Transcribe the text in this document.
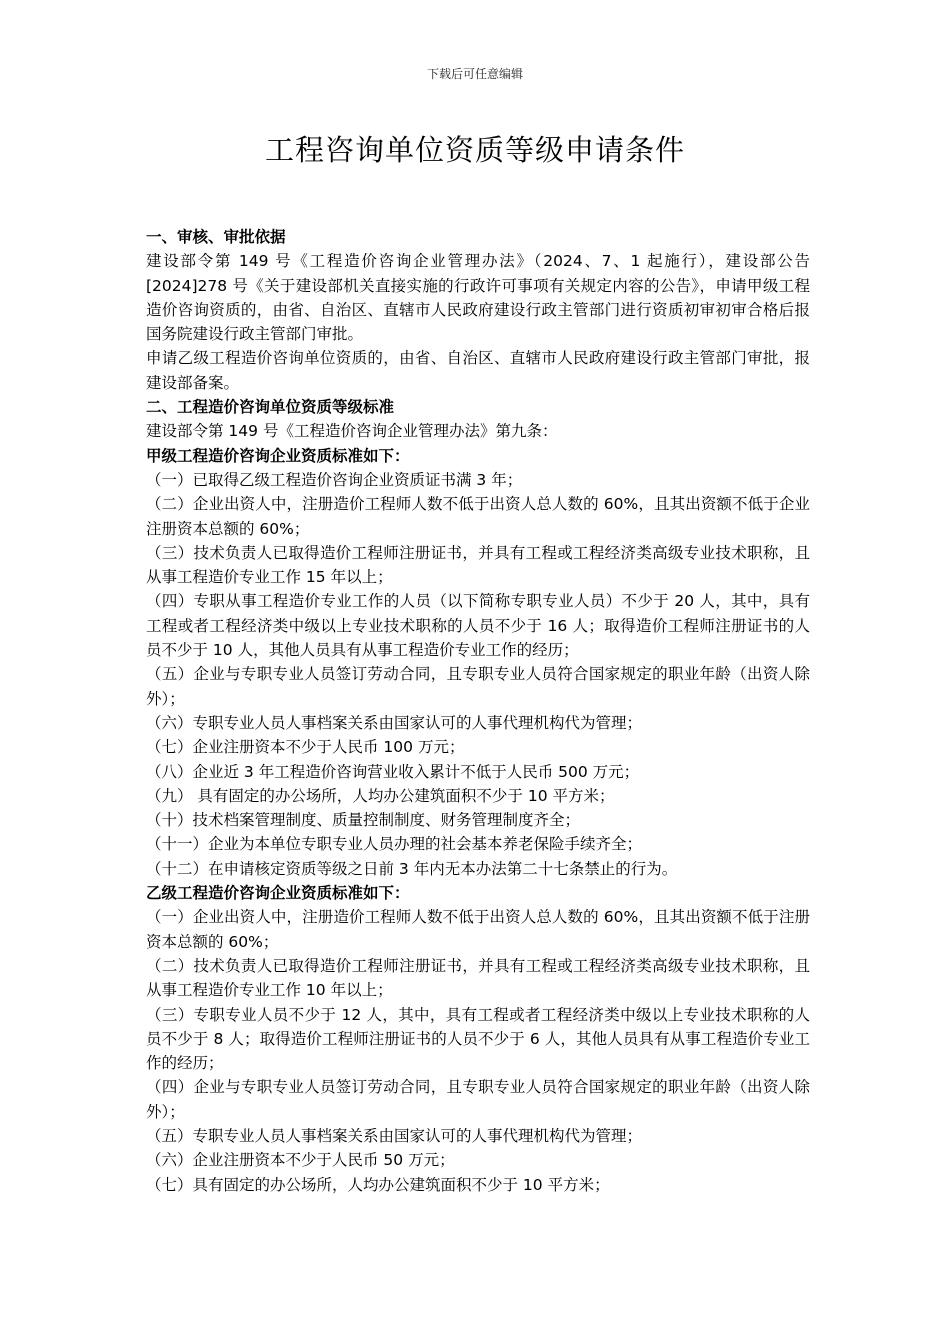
下载后可任意编辑
工程咨询单位资质等级申请条件

一、审核、审批依据

建设部令第 149 号《工程造价咨询企业管理办法》（2024、7、1 起施行），建设部公告[2024]278 号《关于建设部机关直接实施的行政许可事项有关规定内容的公告》，申请甲级工程造价咨询资质的，由省、自治区、直辖市人民政府建设行政主管部门进行资质初审初审合格后报国务院建设行政主管部门审批。

申请乙级工程造价咨询单位资质的，由省、自治区、直辖市人民政府建设行政主管部门审批，报建设部备案。

二、工程造价咨询单位资质等级标准

建设部令第 149 号《工程造价咨询企业管理办法》第九条：

甲级工程造价咨询企业资质标准如下：

（一）已取得乙级工程造价咨询企业资质证书满 3 年；

（二）企业出资人中，注册造价工程师人数不低于出资人总人数的 60%，且其出资额不低于企业注册资本总额的 60%；

（三）技术负责人已取得造价工程师注册证书，并具有工程或工程经济类高级专业技术职称，且从事工程造价专业工作 15 年以上；

（四）专职从事工程造价专业工作的人员（以下简称专职专业人员）不少于 20 人，其中，具有工程或者工程经济类中级以上专业技术职称的人员不少于 16 人；取得造价工程师注册证书的人员不少于 10 人，其他人员具有从事工程造价专业工作的经历；

（五）企业与专职专业人员签订劳动合同，且专职专业人员符合国家规定的职业年龄（出资人除外）；

（六）专职专业人员人事档案关系由国家认可的人事代理机构代为管理；

（七）企业注册资本不少于人民币 100 万元；

（八）企业近 3 年工程造价咨询营业收入累计不低于人民币 500 万元；

（九） 具有固定的办公场所，人均办公建筑面积不少于 10 平方米；

（十）技术档案管理制度、质量控制制度、财务管理制度齐全；

（十一）企业为本单位专职专业人员办理的社会基本养老保险手续齐全；

（十二）在申请核定资质等级之日前 3 年内无本办法第二十七条禁止的行为。

乙级工程造价咨询企业资质标准如下：

（一）企业出资人中，注册造价工程师人数不低于出资人总人数的 60%，且其出资额不低于注册资本总额的 60%；

（二）技术负责人已取得造价工程师注册证书，并具有工程或工程经济类高级专业技术职称，且从事工程造价专业工作 10 年以上；

（三）专职专业人员不少于 12 人，其中，具有工程或者工程经济类中级以上专业技术职称的人员不少于 8 人；取得造价工程师注册证书的人员不少于 6 人，其他人员具有从事工程造价专业工作的经历；

（四）企业与专职专业人员签订劳动合同，且专职专业人员符合国家规定的职业年龄（出资人除外）；

（五）专职专业人员人事档案关系由国家认可的人事代理机构代为管理；

（六）企业注册资本不少于人民币 50 万元；

（七）具有固定的办公场所，人均办公建筑面积不少于 10 平方米；
